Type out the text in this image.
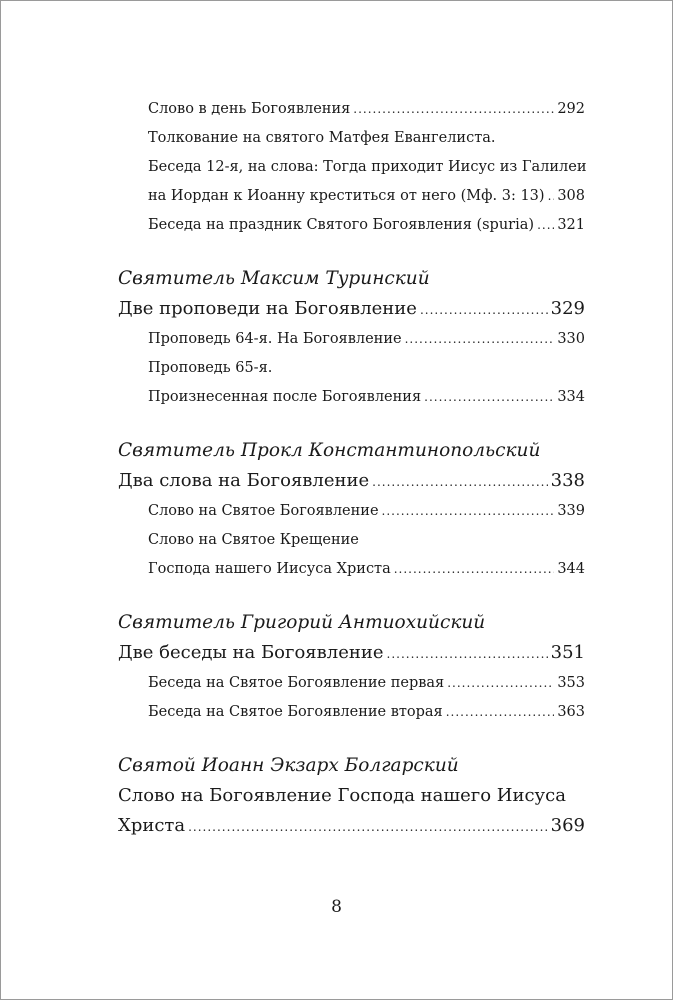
Слово в день Богоявления .....	292
Толкование на святого Матфея Евангелиста.
Беседа 12-я, на слова: Тогда приходит Иисус из Галилеи
на Иордан к Иоанну креститься от него (Мф. 3: 13) ..... 308
Беседа на праздник Святого Богоявления (spuria) ..... 321
Святитель Максим Туринский
Две проповеди на Богоявление .....	329
Проповедь 64-я. На Богоявление .....	330
Проповедь 65-я.
Произнесенная после Богоявления .....	334
Святитель Прокл Константинопольский
Два слова на Богоявление .....	338
Слово на Святое Богоявление .....	339
Слово на Святое Крещение
Господа нашего Иисуса Христа .....	344
Святитель Григорий Антиохийский
Две беседы на Богоявление .....	351
Беседа на Святое Богоявление первая .....	353
Беседа на Святое Богоявление вторая .....	363
Святой Иоанн Экзарх Болгарский
Слово на Богоявление Господа нашего Иисуса
Христа .....	369
8
